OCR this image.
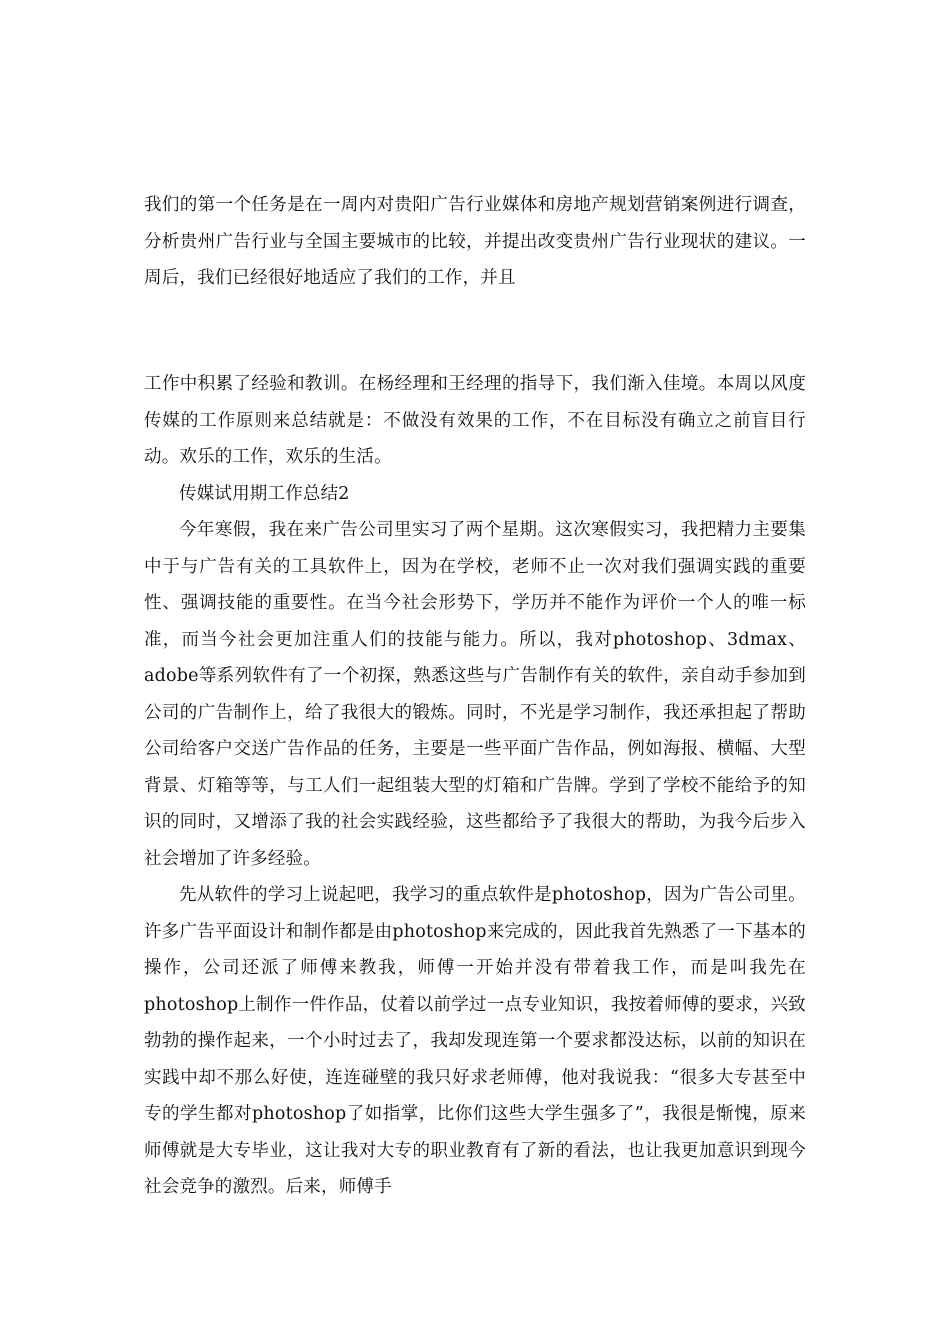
我们的第一个任务是在一周内对贵阳广告行业媒体和房地产规划营销案例进行调查，分析贵州广告行业与全国主要城市的比较，并提出改变贵州广告行业现状的建议。一周后，我们已经很好地适应了我们的工作，并且

工作中积累了经验和教训。在杨经理和王经理的指导下，我们渐入佳境。本周以风度传媒的工作原则来总结就是：不做没有效果的工作，不在目标没有确立之前盲目行动。欢乐的工作，欢乐的生活。

传媒试用期工作总结2

今年寒假，我在来广告公司里实习了两个星期。这次寒假实习，我把精力主要集中于与广告有关的工具软件上，因为在学校，老师不止一次对我们强调实践的重要性、强调技能的重要性。在当今社会形势下，学历并不能作为评价一个人的唯一标准，而当今社会更加注重人们的技能与能力。所以，我对photoshop、3dmax、adobe等系列软件有了一个初探，熟悉这些与广告制作有关的软件，亲自动手参加到公司的广告制作上，给了我很大的锻炼。同时，不光是学习制作，我还承担起了帮助公司给客户交送广告作品的任务，主要是一些平面广告作品，例如海报、横幅、大型背景、灯箱等等，与工人们一起组装大型的灯箱和广告牌。学到了学校不能给予的知识的同时，又增添了我的社会实践经验，这些都给予了我很大的帮助，为我今后步入社会增加了许多经验。

先从软件的学习上说起吧，我学习的重点软件是photoshop，因为广告公司里。许多广告平面设计和制作都是由photoshop来完成的，因此我首先熟悉了一下基本的操作，公司还派了师傅来教我，师傅一开始并没有带着我工作，而是叫我先在photoshop上制作一件作品，仗着以前学过一点专业知识，我按着师傅的要求，兴致勃勃的操作起来，一个小时过去了，我却发现连第一个要求都没达标，以前的知识在实践中却不那么好使，连连碰壁的我只好求老师傅，他对我说我：“很多大专甚至中专的学生都对photoshop了如指掌，比你们这些大学生强多了”，我很是惭愧，原来师傅就是大专毕业，这让我对大专的职业教育有了新的看法，也让我更加意识到现今社会竞争的激烈。后来，师傅手
